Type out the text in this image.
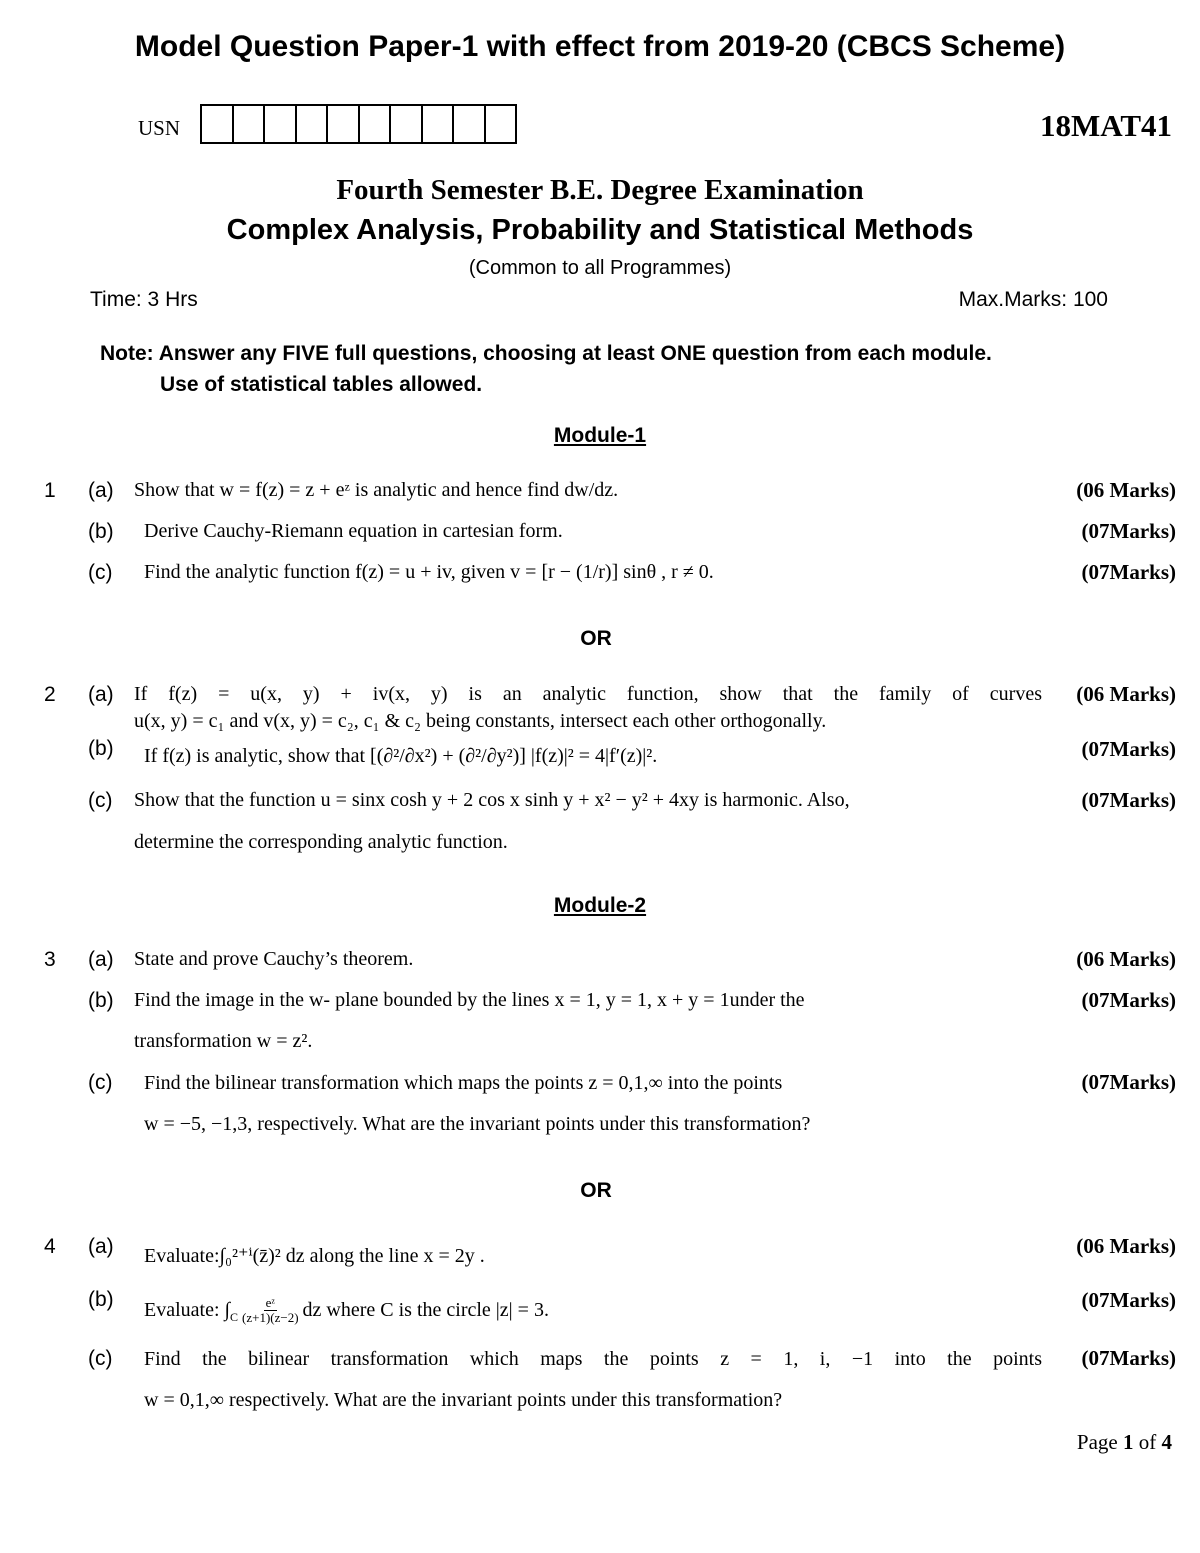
Model Question Paper-1 with effect from 2019-20 (CBCS Scheme)
USN	18MAT41
Fourth Semester B.E. Degree Examination
Complex Analysis, Probability and Statistical Methods
(Common to all Programmes)
Time: 3 Hrs	Max.Marks: 100
Note: Answer any FIVE full questions, choosing at least ONE question from each module.
Use of statistical tables allowed.
Module-1
1 (a) Show that w = f(z) = z + eᶻ is analytic and hence find dw/dz.	(06 Marks)
(b) Derive Cauchy-Riemann equation in cartesian form.	(07Marks)
(c) Find the analytic function f(z) = u + iv, given v = [r − (1/r)] sinθ , r ≠ 0.	(07Marks)
OR
2 (a) If f(z) = u(x, y) + iv(x, y) is an analytic function, show that the family of curves
u(x, y) = c₁ and v(x, y) = c₂, c₁ & c₂ being constants, intersect each other orthogonally.
(06 Marks)
(b) If f(z) is analytic, show that [(∂²/∂x²) + (∂²/∂y²)] |f(z)|² = 4|f′(z)|².	(07Marks)
(c) Show that the function u = sinx cosh y + 2 cos x sinh y + x² − y² + 4xy is harmonic. Also,
determine the corresponding analytic function.
(07Marks)
Module-2
3 (a) State and prove Cauchy’s theorem.	(06 Marks)
(b) Find the image in the w- plane bounded by the lines x = 1, y = 1, x + y = 1under the
transformation w = z².
(07Marks)
(c) Find the bilinear transformation which maps the points z = 0,1,∞ into the points
w = −5, −1,3, respectively. What are the invariant points under this transformation?
(07Marks)
OR
4 (a) Evaluate:∫₀²⁺ⁱ(z̄)² dz along the line x = 2y .	(06 Marks)
(b) Evaluate: ∫ C $\frac{\text{eᶻ}}{(z+1)(z-2)}$ dz where C is the circle |z| = 3.	(07Marks)
(c) Find the bilinear transformation which maps the points z = 1, i, −1 into the points
w = 0,1,∞ respectively. What are the invariant points under this transformation?
(07Marks)
Page 1 of 4
